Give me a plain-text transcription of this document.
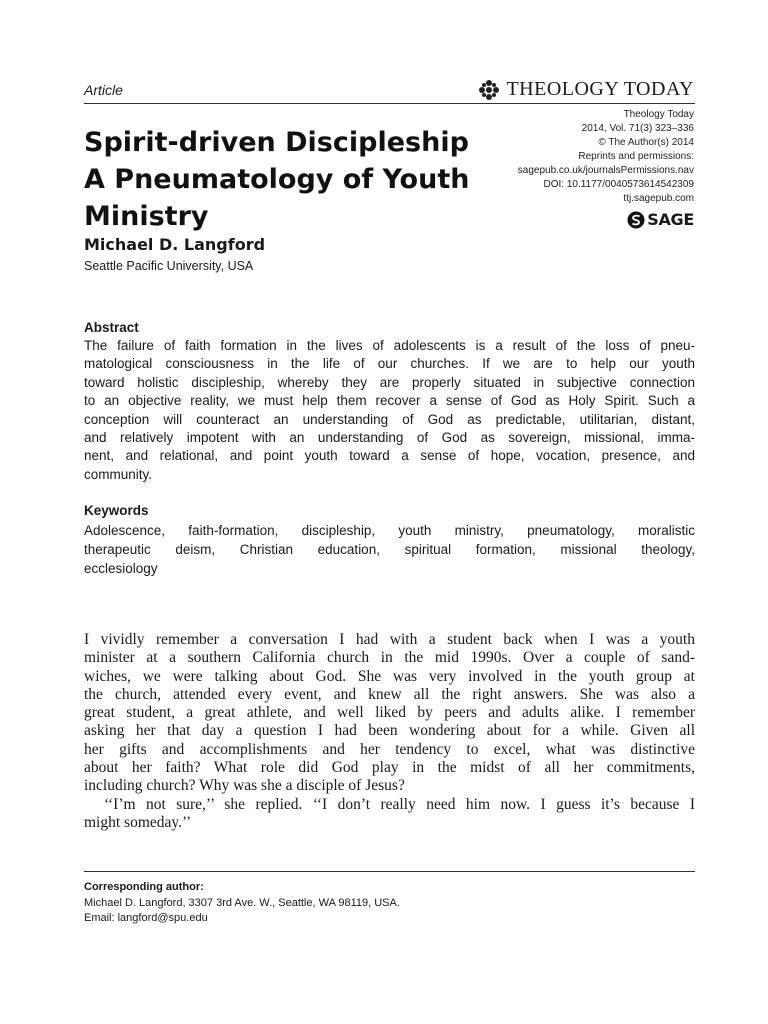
Article	THEOLOGY TODAY
Spirit-driven Discipleship
A Pneumatology of Youth
Ministry
Theology Today
2014, Vol. 71(3) 323–336
© The Author(s) 2014
Reprints and permissions:
sagepub.co.uk/journalsPermissions.nav
DOI: 10.1177/0040573614542309
ttj.sagepub.com
SAGE
Michael D. Langford
Seattle Pacific University, USA
Abstract
The failure of faith formation in the lives of adolescents is a result of the loss of pneu-
matological consciousness in the life of our churches. If we are to help our youth
toward holistic discipleship, whereby they are properly situated in subjective connection
to an objective reality, we must help them recover a sense of God as Holy Spirit. Such a
conception will counteract an understanding of God as predictable, utilitarian, distant,
and relatively impotent with an understanding of God as sovereign, missional, imma-
nent, and relational, and point youth toward a sense of hope, vocation, presence, and
community.
Keywords
Adolescence, faith-formation, discipleship, youth ministry, pneumatology, moralistic
therapeutic deism, Christian education, spiritual formation, missional theology,
ecclesiology
I vividly remember a conversation I had with a student back when I was a youth
minister at a southern California church in the mid 1990s. Over a couple of sand-
wiches, we were talking about God. She was very involved in the youth group at
the church, attended every event, and knew all the right answers. She was also a
great student, a great athlete, and well liked by peers and adults alike. I remember
asking her that day a question I had been wondering about for a while. Given all
her gifts and accomplishments and her tendency to excel, what was distinctive
about her faith? What role did God play in the midst of all her commitments,
including church? Why was she a disciple of Jesus?
‘‘I’m not sure,’’ she replied. ‘‘I don’t really need him now. I guess it’s because I
might someday.’’
Corresponding author:
Michael D. Langford, 3307 3rd Ave. W., Seattle, WA 98119, USA.
Email: langford@spu.edu
